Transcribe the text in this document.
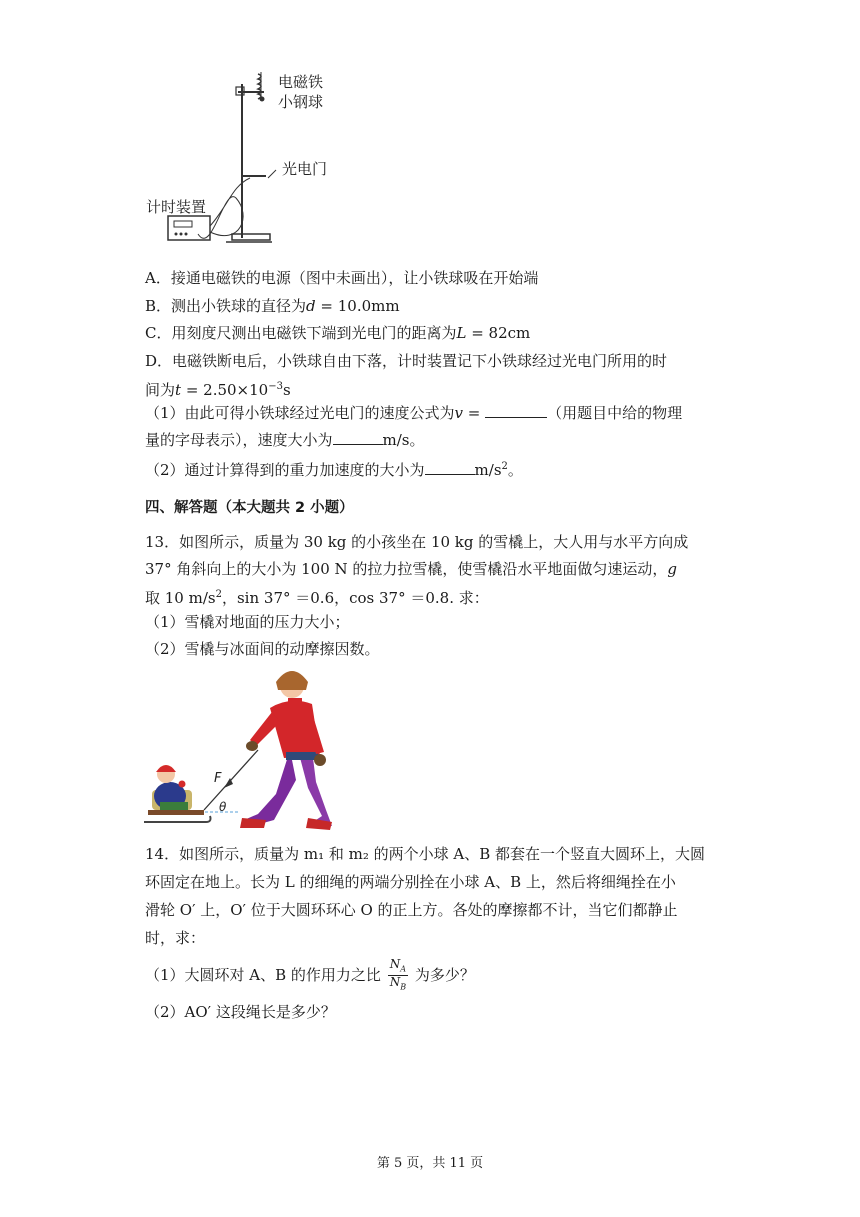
电磁铁
小钢球
光电门
计时装置
A．接通电磁铁的电源（图中未画出），让小铁球吸在开始端
B．测出小铁球的直径为d = 10.0mm
C．用刻度尺测出电磁铁下端到光电门的距离为L = 82cm
D．电磁铁断电后，小铁球自由下落，计时装置记下小铁球经过光电门所用的时
间为$t = 2.50\times 10^{-3}s$
（1）由此可得小铁球经过光电门的速度公式为v =	（用题目中给的物理
量的字母表示），速度大小为	m/s。
（2）通过计算得到的重力加速度的大小为	$m/s^2$。
四、解答题（本大题共 2 小题）
13．如图所示，质量为 30 kg 的小孩坐在 10 kg 的雪橇上，大人用与水平方向成
37° 角斜向上的大小为 100 N 的拉力拉雪橇，使雪橇沿水平地面做匀速运动，g
取 10 $m/s^2$，sin 37° ＝0.6，cos 37° ＝0.8. 求：
（1）雪橇对地面的压力大小；
（2）雪橇与冰面间的动摩擦因数。
F
θ
14．如图所示，质量为 m₁ 和 m₂ 的两个小球 A、B 都套在一个竖直大圆环上，大圆
环固定在地上。长为 L 的细绳的两端分别拴在小球 A、B 上，然后将细绳拴在小
滑轮 O′ 上，O′ 位于大圆环环心 O 的正上方。各处的摩擦都不计，当它们都静止
时，求：
（1）大圆环对 A、B 的作用力之比 $\frac{N_A}{N_B}$ 为多少？
（2）AO′ 这段绳长是多少？
第 5 页，共 11 页
